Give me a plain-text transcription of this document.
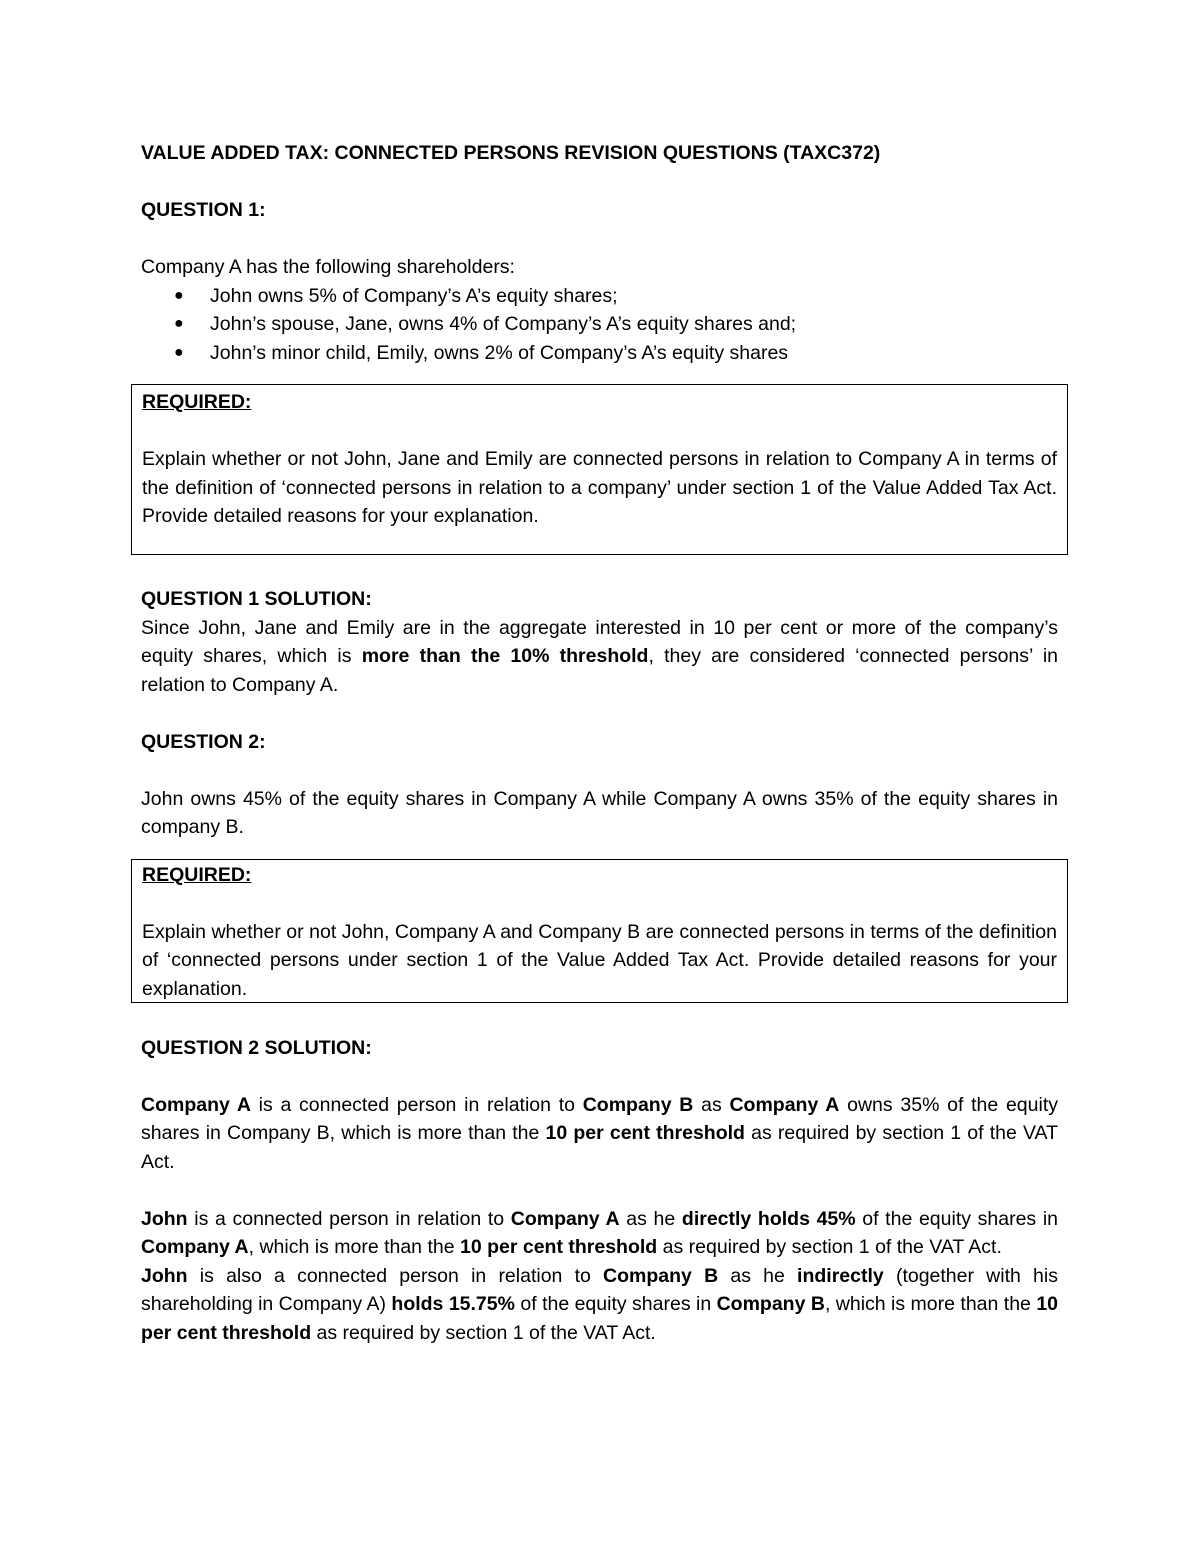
VALUE ADDED TAX: CONNECTED PERSONS REVISION QUESTIONS (TAXC372)

QUESTION 1:

Company A has the following shareholders:

● John owns 5% of Company’s A’s equity shares;
● John’s spouse, Jane, owns 4% of Company’s A’s equity shares and;
● John’s minor child, Emily, owns 2% of Company’s A’s equity shares

REQUIRED:

Explain whether or not John, Jane and Emily are connected persons in relation to Company A in terms of the definition of ‘connected persons in relation to a company’ under section 1 of the Value Added Tax Act. Provide detailed reasons for your explanation.

QUESTION 1 SOLUTION:

Since John, Jane and Emily are in the aggregate interested in 10 per cent or more of the company’s equity shares, which is more than the 10% threshold, they are considered ‘connected persons’ in relation to Company A.

QUESTION 2:

John owns 45% of the equity shares in Company A while Company A owns 35% of the equity shares in company B.

REQUIRED:

Explain whether or not John, Company A and Company B are connected persons in terms of the definition of ‘connected persons under section 1 of the Value Added Tax Act. Provide detailed reasons for your explanation.

QUESTION 2 SOLUTION:

Company A is a connected person in relation to Company B as Company A owns 35% of the equity shares in Company B, which is more than the 10 per cent threshold as required by section 1 of the VAT Act.

John is a connected person in relation to Company A as he directly holds 45% of the equity shares in Company A, which is more than the 10 per cent threshold as required by section 1 of the VAT Act.

John is also a connected person in relation to Company B as he indirectly (together with his shareholding in Company A) holds 15.75% of the equity shares in Company B, which is more than the 10 per cent threshold as required by section 1 of the VAT Act.
